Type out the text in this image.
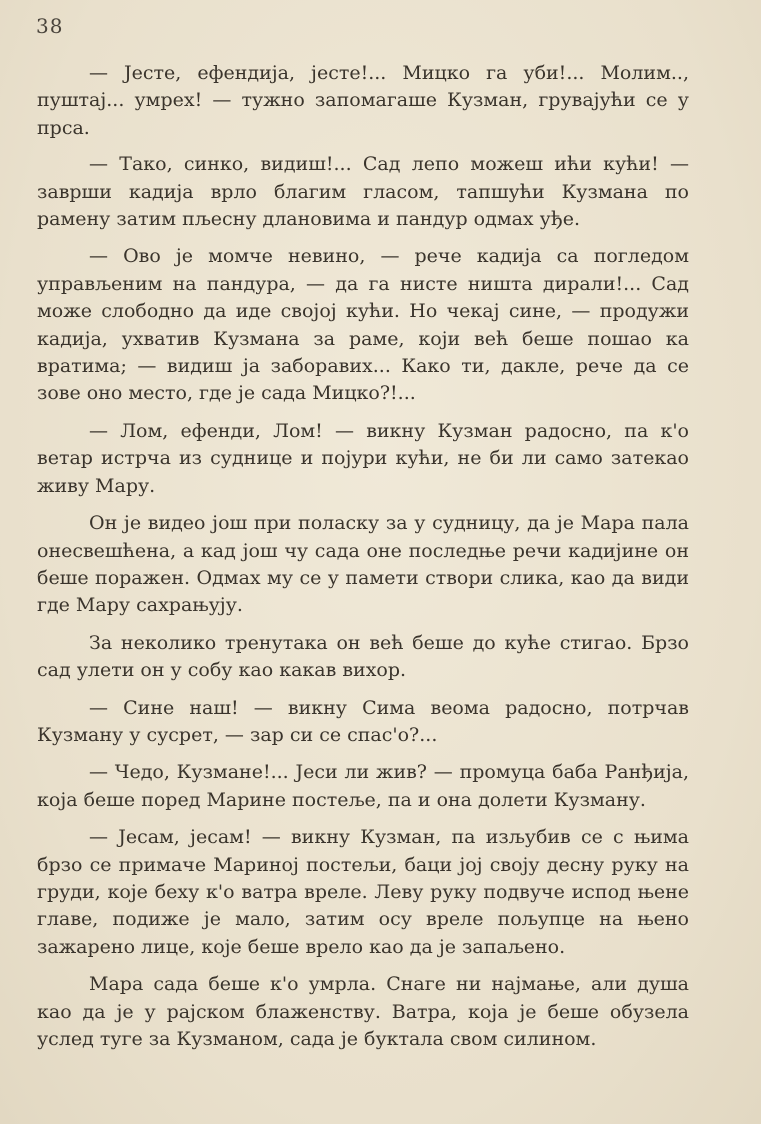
38

— Јесте, ефендија, јесте!... Мицко га уби!... Молим.., пуштај... умрех! — тужно запомагаше Кузман, грувајући се у прса.

— Тако, синко, видиш!... Сад лепо можеш ићи кући! — заврши кадија врло благим гласом, тапшући Кузмана по рамену затим пљесну длановима и пандур одмах уђе.

— Ово је момче невино, — рече кадија са погледом управљеним на пандура, — да га нисте ништа дирали!... Сад може слободно да иде својој кући. Но чекај сине, — продужи кадија, ухватив Кузмана за раме, који већ беше пошао ка вратима; — видиш ја заборавих... Како ти, дакле, рече да се зове оно место, где је сада Мицко?!...

— Лом, ефенди, Лом! — викну Кузман радосно, па к'о ветар истрча из суднице и појури кући, не би ли само затекао живу Мару.

Он је видео још при поласку за у судницу, да је Мара пала онесвешћена, а кад још чу сада оне последње речи кадијине он беше поражен. Одмах му се у памети створи слика, као да види где Мару сахрањују.

За неколико тренутака он већ беше до куће стигао. Брзо сад улети он у собу као какав вихор.

— Сине наш! — викну Сима веома радосно, потрчав Кузману у сусрет, — зар си се спас'о?...

— Чедо, Кузмане!... Јеси ли жив? — промуца баба Ранђија, која беше поред Марине постеље, па и она долети Кузману.

— Јесам, јесам! — викну Кузман, па изљубив се с њима брзо се примаче Мариној постељи, баци јој своју десну руку на груди, које беху к'о ватра вреле. Леву руку подвуче испод њене главе, подиже је мало, затим осу вреле пољупце на њено зажарено лице, које беше врело као да је запаљено.

Мара сада беше к'о умрла. Снаге ни најмање, али душа као да је у рајском блаженству. Ватра, која је беше обузела услед туге за Кузманом, сада је буктала свом силином.
